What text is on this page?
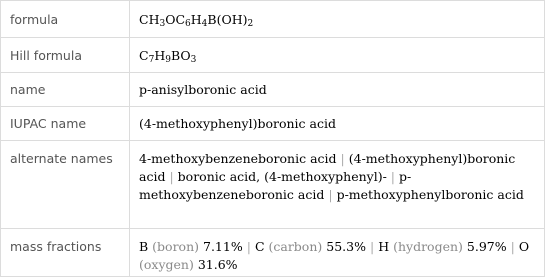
formula	$CH_3OC_6H_4B(OH)_2$
Hill formula	$C_7H_9BO_3$
name	p-anisylboronic acid
IUPAC name	(4-methoxyphenyl)boronic acid
alternate names	4-methoxybenzeneboronic acid | (4-methoxyphenyl)boronic acid | boronic acid, (4-methoxyphenyl)- | p-methoxybenzeneboronic acid | p-methoxyphenylboronic acid
mass fractions	B (boron) 7.11% | C (carbon) 55.3% | H (hydrogen) 5.97% | O (oxygen) 31.6%
